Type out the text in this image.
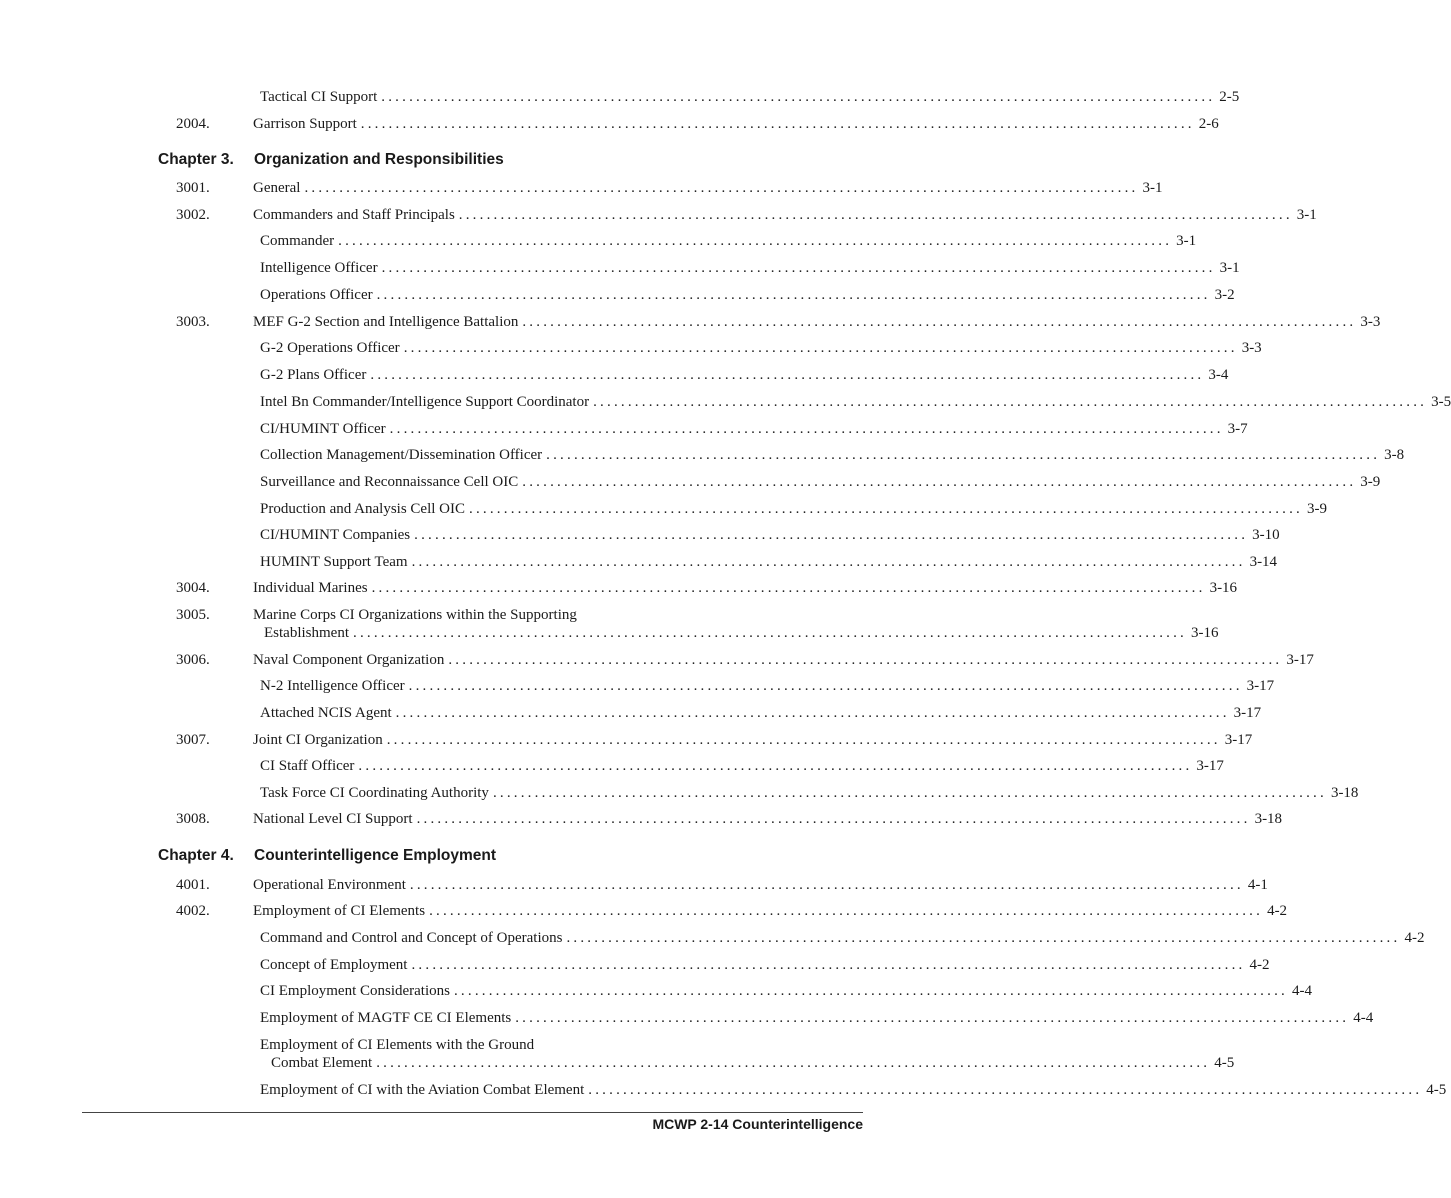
Tactical CI Support ........................................................................................................................ 2-5
2004.	Garrison Support ........................................................................................................................ 2-6
Chapter 3. Organization and Responsibilities
3001.	General ........................................................................................................................ 3-1
3002.	Commanders and Staff Principals ........................................................................................................................ 3-1
Commander ........................................................................................................................ 3-1
Intelligence Officer ........................................................................................................................ 3-1
Operations Officer ........................................................................................................................ 3-2
3003.	MEF G-2 Section and Intelligence Battalion ........................................................................................................................ 3-3
G-2 Operations Officer ........................................................................................................................ 3-3
G-2 Plans Officer ........................................................................................................................ 3-4
Intel Bn Commander/Intelligence Support Coordinator ........................................................................................................................ 3-5
CI/HUMINT Officer ........................................................................................................................ 3-7
Collection Management/Dissemination Officer ........................................................................................................................ 3-8
Surveillance and Reconnaissance Cell OIC ........................................................................................................................ 3-9
Production and Analysis Cell OIC ........................................................................................................................ 3-9
CI/HUMINT Companies ........................................................................................................................ 3-10
HUMINT Support Team ........................................................................................................................ 3-14
3004.	Individual Marines ........................................................................................................................ 3-16
3005.	Marine Corps CI Organizations within the Supporting
Establishment ........................................................................................................................ 3-16
3006.	Naval Component Organization ........................................................................................................................ 3-17
N-2 Intelligence Officer ........................................................................................................................ 3-17
Attached NCIS Agent ........................................................................................................................ 3-17
3007.	Joint CI Organization ........................................................................................................................ 3-17
CI Staff Officer ........................................................................................................................ 3-17
Task Force CI Coordinating Authority ........................................................................................................................ 3-18
3008.	National Level CI Support ........................................................................................................................ 3-18
Chapter 4. Counterintelligence Employment
4001.	Operational Environment ........................................................................................................................ 4-1
4002.	Employment of CI Elements ........................................................................................................................ 4-2
Command and Control and Concept of Operations ........................................................................................................................ 4-2
Concept of Employment ........................................................................................................................ 4-2
CI Employment Considerations ........................................................................................................................ 4-4
Employment of MAGTF CE CI Elements ........................................................................................................................ 4-4
Employment of CI Elements with the Ground
Combat Element ........................................................................................................................ 4-5
Employment of CI with the Aviation Combat Element ........................................................................................................................ 4-5
MCWP 2-14 Counterintelligence
